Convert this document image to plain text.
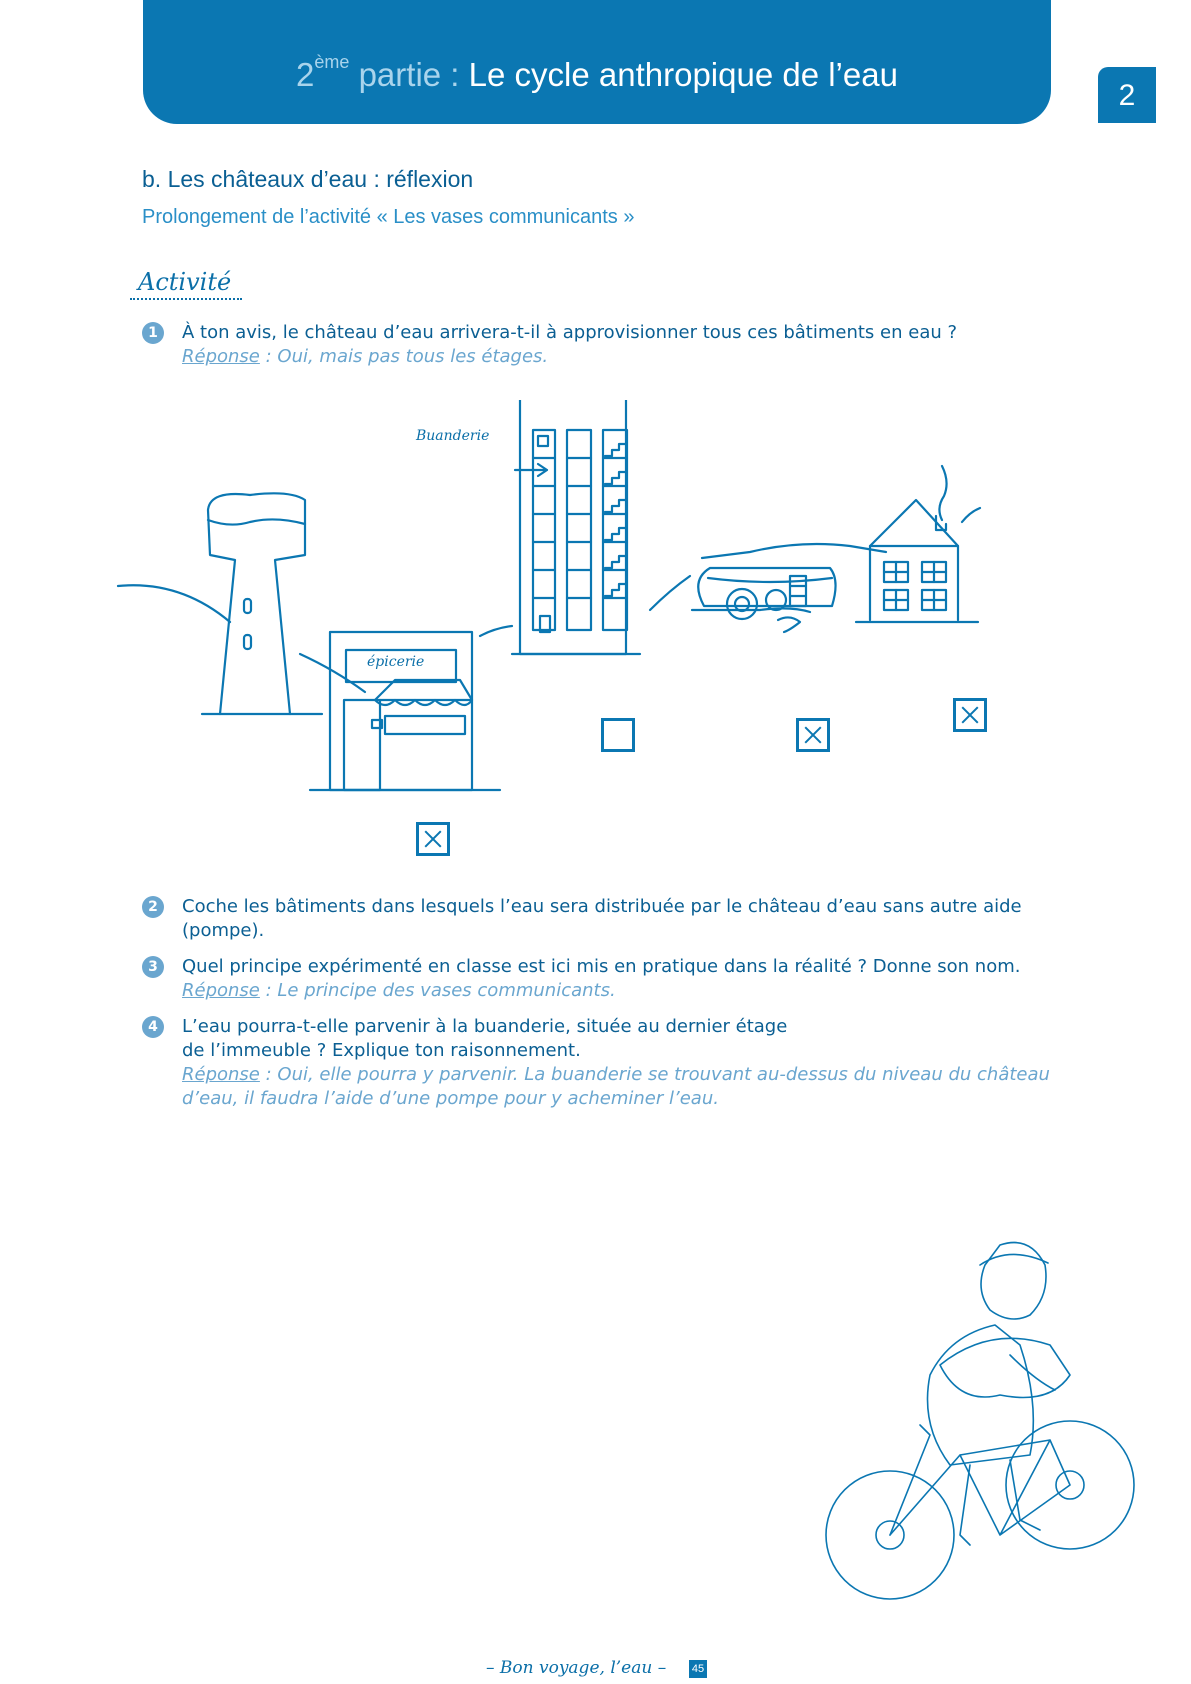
2ème partie : Le cycle anthropique de l’eau
2
b. Les châteaux d’eau : réflexion
Prolongement de l’activité « Les vases communicants »
Activité
1	À ton avis, le château d’eau arrivera-t-il à approvisionner tous ces bâtiments en eau ?
Réponse : Oui, mais pas tous les étages.
Buanderie
épicerie
2	Coche les bâtiments dans lesquels l’eau sera distribuée par le château d’eau sans autre aide (pompe).
3	Quel principe expérimenté en classe est ici mis en pratique dans la réalité ? Donne son nom.
Réponse : Le principe des vases communicants.
4	L’eau pourra-t-elle parvenir à la buanderie, située au dernier étage
de l’immeuble ? Explique ton raisonnement.
Réponse : Oui, elle pourra y parvenir. La buanderie se trouvant au-dessus du niveau du château d’eau, il faudra l’aide d’une pompe pour y acheminer l’eau.
– Bon voyage, l’eau – 45
